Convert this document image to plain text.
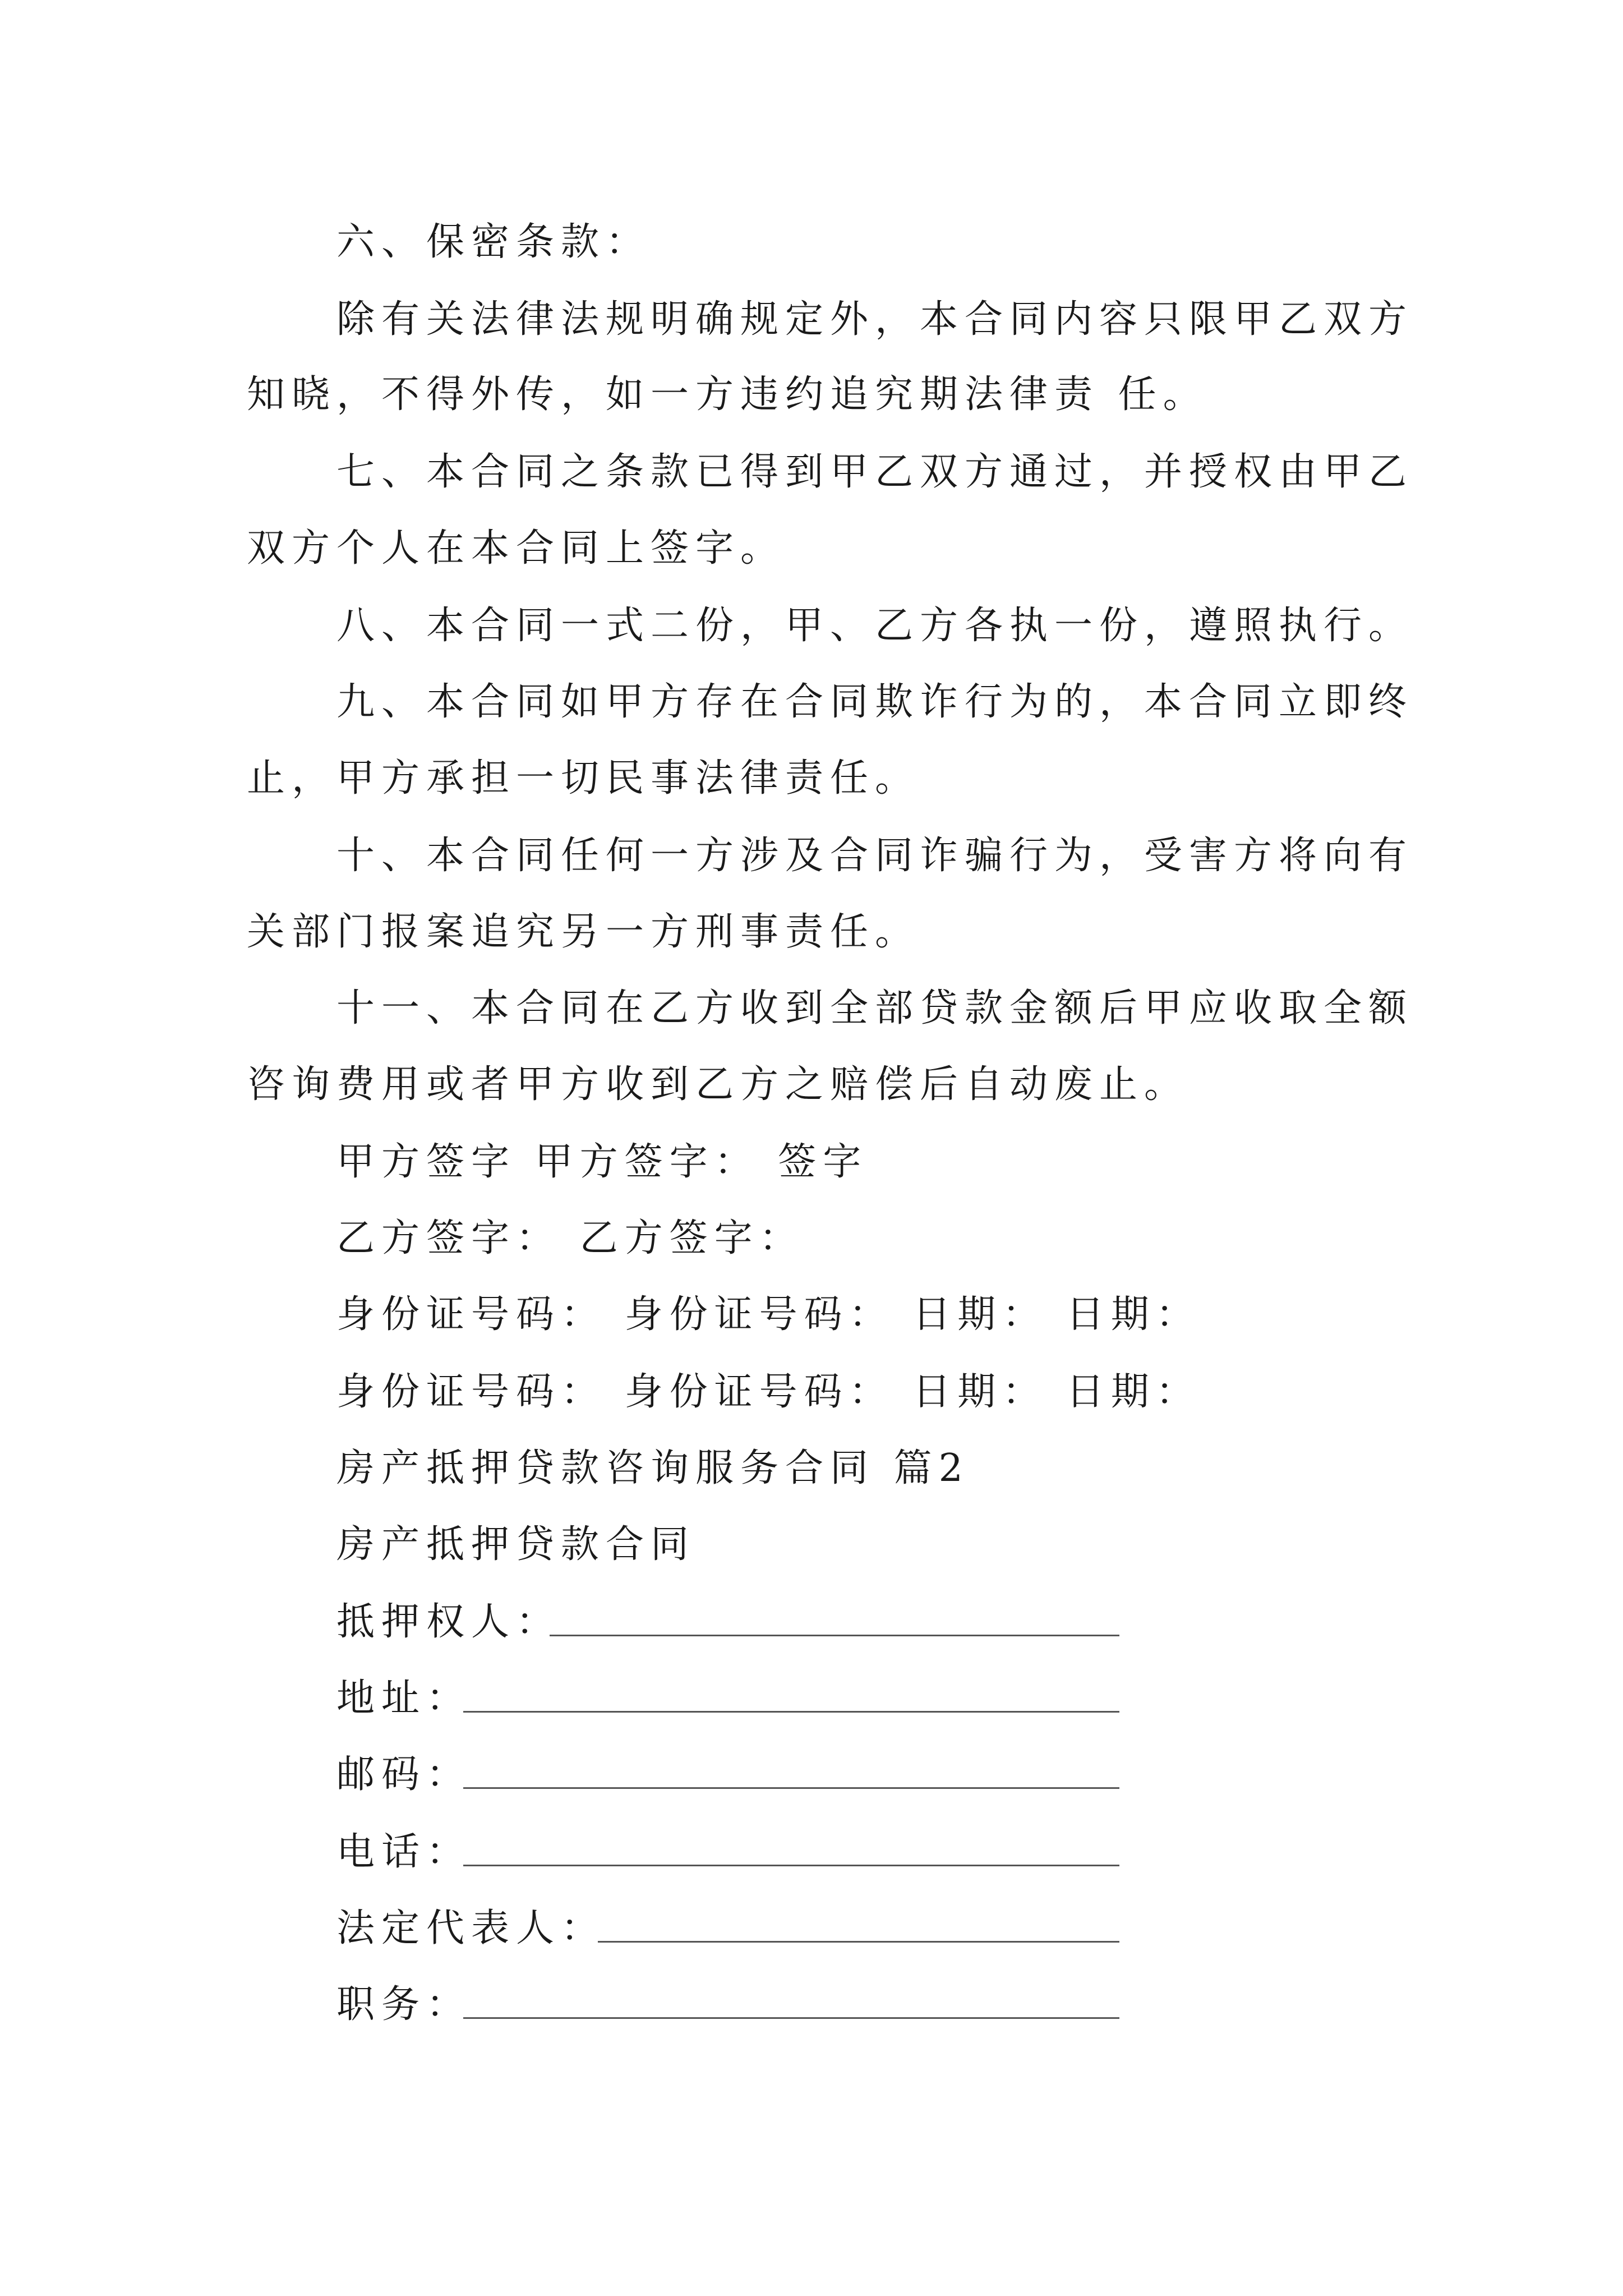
六、保密条款：
除有关法律法规明确规定外，本合同内容只限甲乙双方
知晓，不得外传，如一方违约追究期法律责 任。
七、本合同之条款已得到甲乙双方通过，并授权由甲乙
双方个人在本合同上签字。
八、本合同一式二份，甲、乙方各执一份，遵照执行。
九、本合同如甲方存在合同欺诈行为的，本合同立即终
止，甲方承担一切民事法律责任。
十、本合同任何一方涉及合同诈骗行为，受害方将向有
关部门报案追究另一方刑事责任。
十一、本合同在乙方收到全部贷款金额后甲应收取全额
咨询费用或者甲方收到乙方之赔偿后自动废止。
甲方签字 甲方签字： 签字
乙方签字： 乙方签字：
身份证号码： 身份证号码： 日期： 日期：
身份证号码： 身份证号码： 日期： 日期：
房产抵押贷款咨询服务合同 篇2
房产抵押贷款合同
抵押权人：
地址：
邮码：
电话：
法定代表人：
职务：
